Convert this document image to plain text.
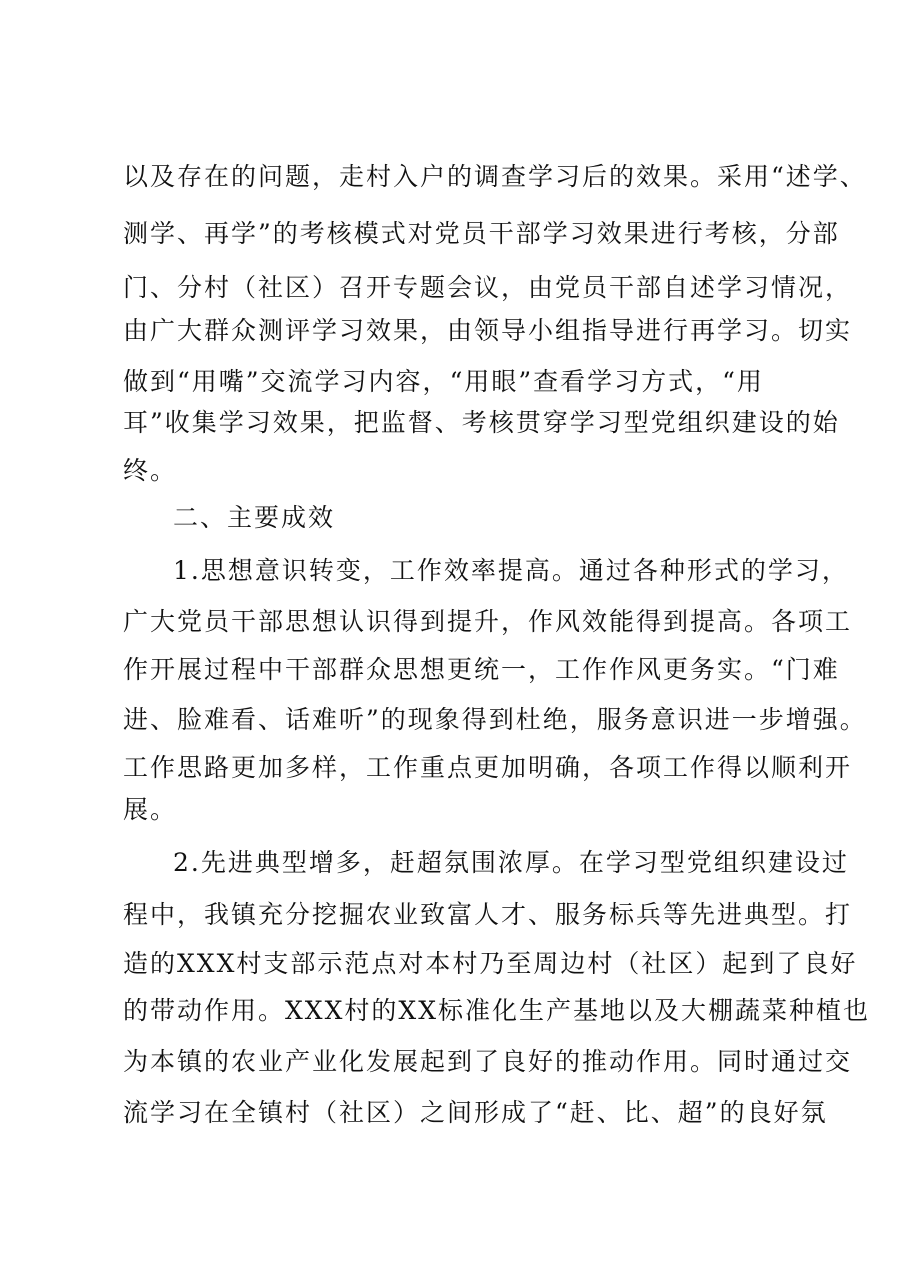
以及存在的问题，走村入户的调查学习后的效果。采用“述学、
测学、再学”的考核模式对党员干部学习效果进行考核，分部
门、分村（社区）召开专题会议，由党员干部自述学习情况，
由广大群众测评学习效果，由领导小组指导进行再学习。切实
做到“用嘴”交流学习内容，“用眼”查看学习方式，“用
耳”收集学习效果，把监督、考核贯穿学习型党组织建设的始
终。
二、主要成效
1.思想意识转变，工作效率提高。通过各种形式的学习，
广大党员干部思想认识得到提升，作风效能得到提高。各项工
作开展过程中干部群众思想更统一，工作作风更务实。“门难
进、脸难看、话难听”的现象得到杜绝，服务意识进一步增强。
工作思路更加多样，工作重点更加明确，各项工作得以顺利开
展。
2.先进典型增多，赶超氛围浓厚。在学习型党组织建设过
程中，我镇充分挖掘农业致富人才、服务标兵等先进典型。打
造的XXX村支部示范点对本村乃至周边村（社区）起到了良好
的带动作用。XXX村的XX标准化生产基地以及大棚蔬菜种植也
为本镇的农业产业化发展起到了良好的推动作用。同时通过交
流学习在全镇村（社区）之间形成了“赶、比、超”的良好氛
